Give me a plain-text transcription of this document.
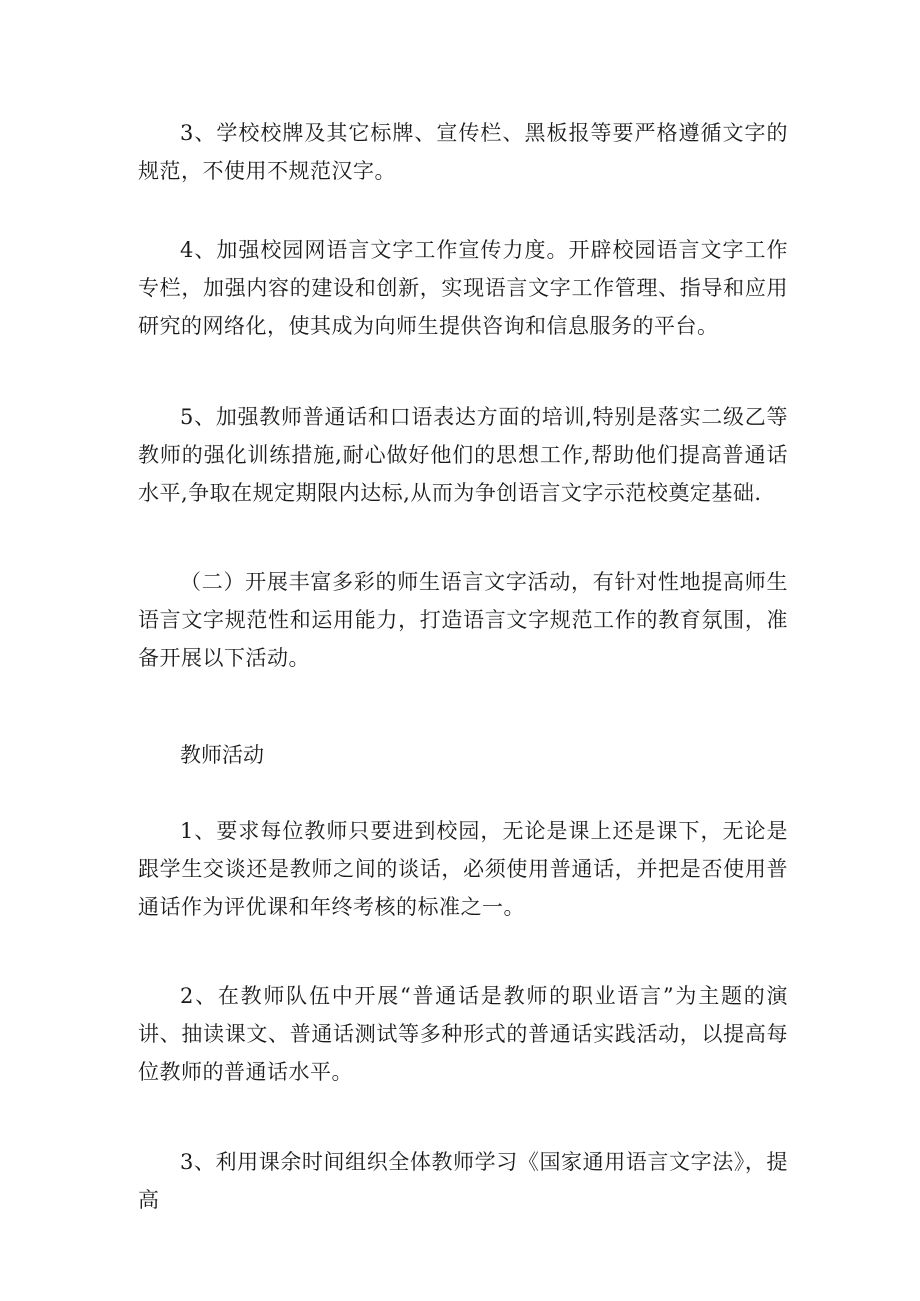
3、学校校牌及其它标牌、宣传栏、黑板报等要严格遵循文字的规范，不使用不规范汉字。

4、加强校园网语言文字工作宣传力度。开辟校园语言文字工作专栏，加强内容的建设和创新，实现语言文字工作管理、指导和应用研究的网络化，使其成为向师生提供咨询和信息服务的平台。

5、加强教师普通话和口语表达方面的培训,特别是落实二级乙等教师的强化训练措施,耐心做好他们的思想工作,帮助他们提高普通话水平,争取在规定期限内达标,从而为争创语言文字示范校奠定基础.

（二）开展丰富多彩的师生语言文字活动，有针对性地提高师生语言文字规范性和运用能力，打造语言文字规范工作的教育氛围，准备开展以下活动。

教师活动

1、要求每位教师只要进到校园，无论是课上还是课下，无论是跟学生交谈还是教师之间的谈话，必须使用普通话，并把是否使用普通话作为评优课和年终考核的标准之一。

2、在教师队伍中开展“普通话是教师的职业语言”为主题的演讲、抽读课文、普通话测试等多种形式的普通话实践活动，以提高每位教师的普通话水平。

3、利用课余时间组织全体教师学习《国家通用语言文字法》，提高
